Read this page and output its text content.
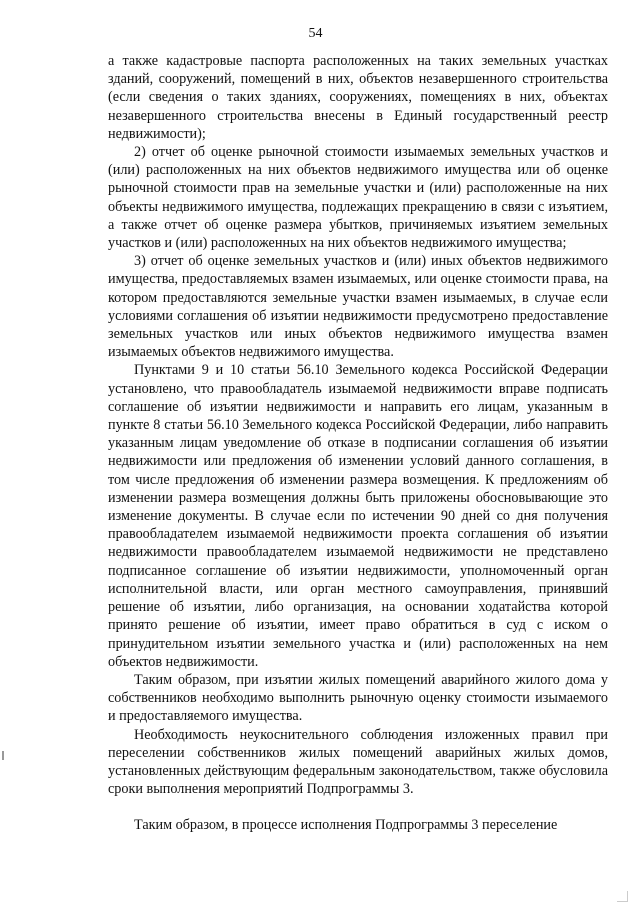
54

а также кадастровые паспорта расположенных на таких земельных участках зданий, сооружений, помещений в них, объектов незавершенного строительства (если сведения о таких зданиях, сооружениях, помещениях в них, объектах незавершенного строительства внесены в Единый государственный реестр недвижимости);

2) отчет об оценке рыночной стоимости изымаемых земельных участков и (или) расположенных на них объектов недвижимого имущества или об оценке рыночной стоимости прав на земельные участки и (или) расположенные на них объекты недвижимого имущества, подлежащих прекращению в связи с изъятием, а также отчет об оценке размера убытков, причиняемых изъятием земельных участков и (или) расположенных на них объектов недвижимого имущества;

3) отчет об оценке земельных участков и (или) иных объектов недвижимого имущества, предоставляемых взамен изымаемых, или оценке стоимости права, на котором предоставляются земельные участки взамен изымаемых, в случае если условиями соглашения об изъятии недвижимости предусмотрено предоставление земельных участков или иных объектов недвижимого имущества взамен изымаемых объектов недвижимого имущества.

Пунктами 9 и 10 статьи 56.10 Земельного кодекса Российской Федерации установлено, что правообладатель изымаемой недвижимости вправе подписать соглашение об изъятии недвижимости и направить его лицам, указанным в пункте 8 статьи 56.10 Земельного кодекса Российской Федерации, либо направить указанным лицам уведомление об отказе в подписании соглашения об изъятии недвижимости или предложения об изменении условий данного соглашения, в том числе предложения об изменении размера возмещения. К предложениям об изменении размера возмещения должны быть приложены обосновывающие это изменение документы. В случае если по истечении 90 дней со дня получения правообладателем изымаемой недвижимости проекта соглашения об изъятии недвижимости правообладателем изымаемой недвижимости не представлено подписанное соглашение об изъятии недвижимости, уполномоченный орган исполнительной власти, или орган местного самоуправления, принявший решение об изъятии, либо организация, на основании ходатайства которой принято решение об изъятии, имеет право обратиться в суд с иском о принудительном изъятии земельного участка и (или) расположенных на нем объектов недвижимости.

Таким образом, при изъятии жилых помещений аварийного жилого дома у собственников необходимо выполнить рыночную оценку стоимости изымаемого и предоставляемого имущества.

Необходимость неукоснительного соблюдения изложенных правил при переселении собственников жилых помещений аварийных жилых домов, установленных действующим федеральным законодательством, также обусловила сроки выполнения мероприятий Подпрограммы 3.

Таким образом, в процессе исполнения Подпрограммы 3 переселение
